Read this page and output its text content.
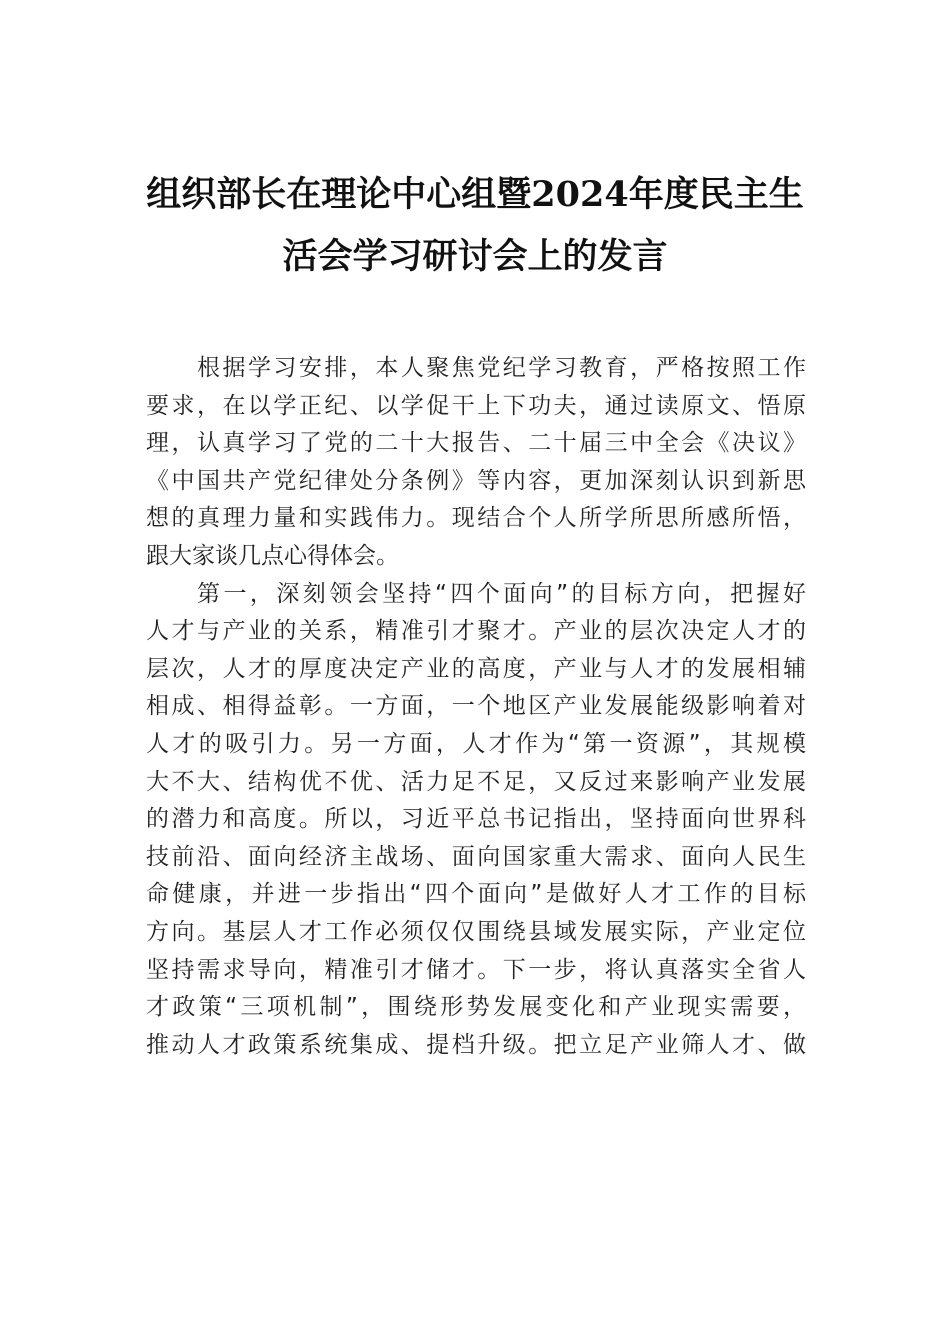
组织部长在理论中心组暨2024年度民主生
活会学习研讨会上的发言
根据学习安排，本人聚焦党纪学习教育，严格按照工作
要求，在以学正纪、以学促干上下功夫，通过读原文、悟原
理，认真学习了党的二十大报告、二十届三中全会《决议》
《中国共产党纪律处分条例》等内容，更加深刻认识到新思
想的真理力量和实践伟力。现结合个人所学所思所感所悟，
跟大家谈几点心得体会。
第一，深刻领会坚持“四个面向”的目标方向，把握好
人才与产业的关系，精准引才聚才。产业的层次决定人才的
层次，人才的厚度决定产业的高度，产业与人才的发展相辅
相成、相得益彰。一方面，一个地区产业发展能级影响着对
人才的吸引力。另一方面，人才作为“第一资源”，其规模
大不大、结构优不优、活力足不足，又反过来影响产业发展
的潜力和高度。所以，习近平总书记指出，坚持面向世界科
技前沿、面向经济主战场、面向国家重大需求、面向人民生
命健康，并进一步指出“四个面向”是做好人才工作的目标
方向。基层人才工作必须仅仅围绕县域发展实际，产业定位
坚持需求导向，精准引才储才。下一步，将认真落实全省人
才政策“三项机制”，围绕形势发展变化和产业现实需要，
推动人才政策系统集成、提档升级。把立足产业筛人才、做
